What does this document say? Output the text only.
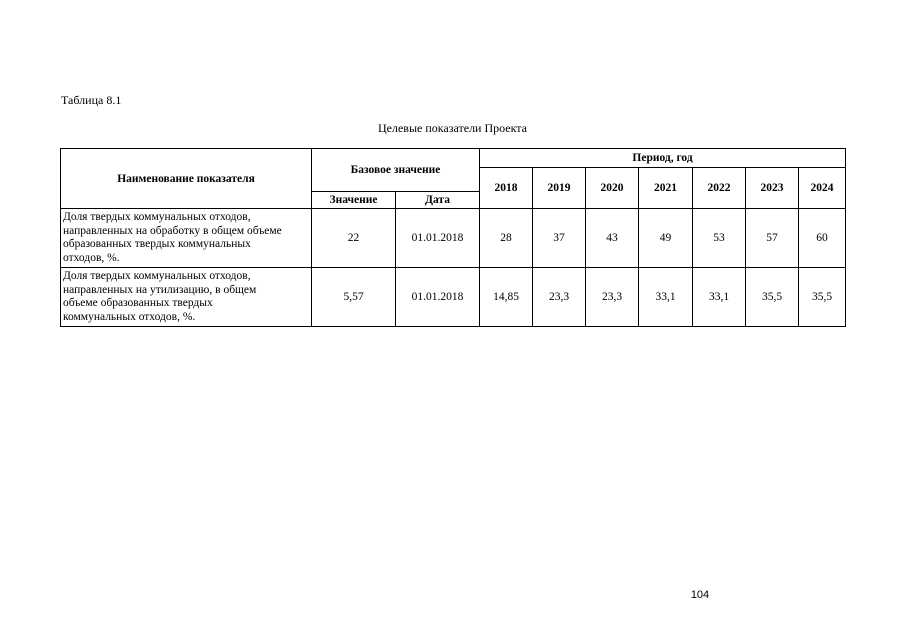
Таблица 8.1
Целевые показатели Проекта
Наименование показателя	Базовое значение		Период, год						
			2018	2019	2020	2021	2022	2023	2024
	Значение	Дата							

Доля твердых коммунальных отходов,
направленных на обработку в общем объеме
образованных твердых коммунальных
отходов, %.	22	01.01.2018	28	37	43	49	53	57	60

Доля твердых коммунальных отходов,
направленных на утилизацию, в общем
объеме образованных твердых
коммунальных отходов, %.	5,57	01.01.2018	14,85	23,3	23,3	33,1	33,1	35,5	35,5
104
